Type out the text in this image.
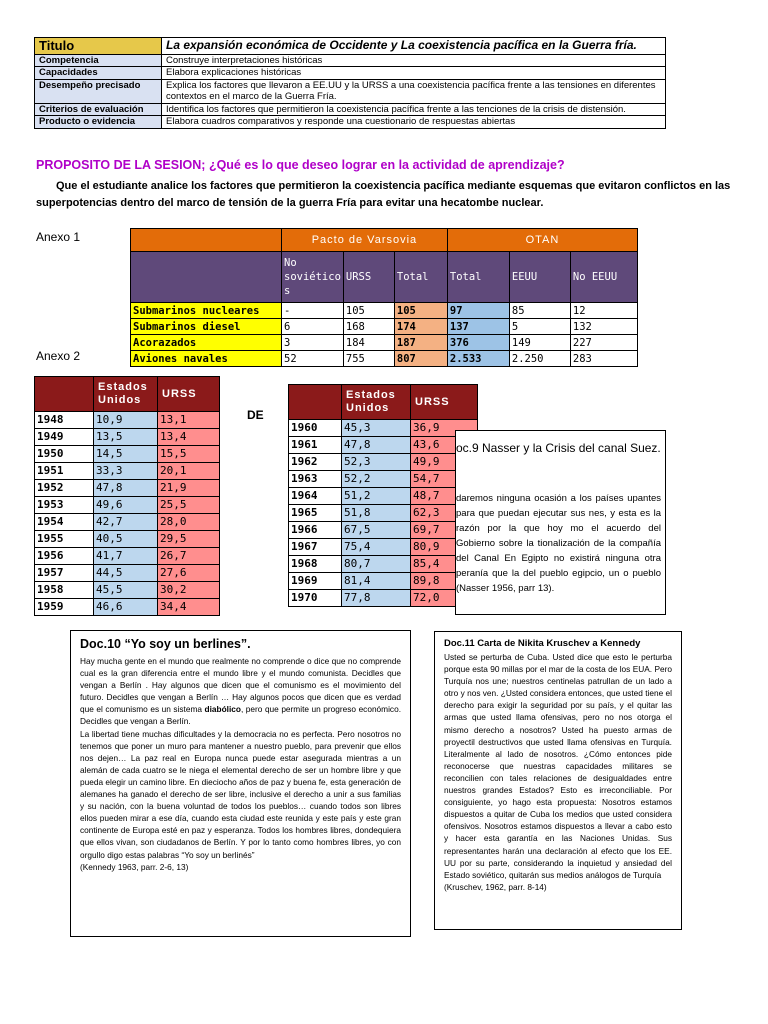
Titulo	La expansión económica de Occidente y La coexistencia pacífica en la Guerra fría.
Competencia	Construye interpretaciones históricas
Capacidades	Elabora explicaciones históricas
Desempeño precisado	Explica los factores que llevaron a EE.UU y la URSS a una coexistencia pacífica frente a las tensiones en diferentes contextos en el marco de la Guerra Fría.
Criterios de evaluación	Identifica los factores que permitieron la coexistencia pacífica frente a las tenciones de la crisis de distensión.
Producto o evidencia	Elabora cuadros comparativos y responde una cuestionario de respuestas abiertas
PROPOSITO DE LA SESION; ¿Qué es lo que deseo lograr en la actividad de aprendizaje?
Que el estudiante analice los factores que permitieron la coexistencia pacífica mediante esquemas que evitaron conflictos en las superpotencias dentro del marco de tensión de la guerra Fría para evitar una hecatombe nuclear.
Anexo 1
Anexo 2
	Pacto de Varsovia			OTAN		
	No soviético s	URSS	Total	Total	EEUU	No EEUU
Submarinos nucleares	-	105	105	97	85	12
Submarinos diesel	6	168	174	137	5	132
Acorazados	3	184	187	376	149	227
Aviones navales	52	755	807	2.533	2.250	283
	Estados Unidos	URSS
1948	10,9	13,1
1949	13,5	13,4
1950	14,5	15,5
1951	33,3	20,1
1952	47,8	21,9
1953	49,6	25,5
1954	42,7	28,0
1955	40,5	29,5
1956	41,7	26,7
1957	44,5	27,6
1958	45,5	30,2
1959	46,6	34,4
DE
	Estados Unidos	URSS
1960	45,3	36,9
1961	47,8	43,6
1962	52,3	49,9
1963	52,2	54,7
1964	51,2	48,7
1965	51,8	62,3
1966	67,5	69,7
1967	75,4	80,9
1968	80,7	85,4
1969	81,4	89,8
1970	77,8	72,0
oc.9 Nasser y la Crisis del canal Suez.
daremos ninguna ocasión a los países upantes para que puedan ejecutar sus nes, y esta es la razón por la que hoy mo el acuerdo del Gobierno sobre la tionalización de la compañía del Canal En Egipto no existirá ninguna otra peranía que la del pueblo egipcio, un o pueblo (Nasser 1956, parr 13).
Doc.10 “Yo soy un berlines”.

Hay mucha gente en el mundo que realmente no comprende o dice que no comprende cual es la gran diferencia entre el mundo libre y el mundo comunista. Decidles que vengan a Berlín . Hay algunos que dicen que el comunismo es el movimiento del futuro. Decidles que vengan a Berlín … Hay algunos pocos que dicen que es verdad que el comunismo es un sistema diabólico, pero que permite un progreso económico. Decidles que vengan a Berlín.

La libertad tiene muchas dificultades y la democracia no es perfecta. Pero nosotros no tenemos que poner un muro para mantener a nuestro pueblo, para prevenir que ellos nos dejen… La paz real en Europa nunca puede estar asegurada mientras a un alemán de cada cuatro se le niega el elemental derecho de ser un hombre libre y que pueda elegir un camino libre. En dieciocho años de paz y buena fe, esta generación de alemanes ha ganado el derecho de ser libre, inclusive el derecho a unir a sus familias y su nación, con la buena voluntad de todos los pueblos… cuando todos son libres ellos pueden mirar a ese día, cuando esta ciudad este reunida y este país y este gran continente de Europa esté en paz y esperanza. Todos los hombres libres, dondequiera que ellos vivan, son ciudadanos de Berlín. Y por lo tanto como hombres libres, yo con orgullo digo estas palabras “Yo soy un berlinés”

(Kennedy 1963, parr. 2-6, 13)

Doc.11 Carta de Nikita Kruschev a Kennedy

Usted se perturba de Cuba. Usted dice que esto le perturba porque esta 90 millas por el mar de la costa de los EUA. Pero Turquía nos une; nuestros centinelas patrullan de un lado a otro y nos ven. ¿Usted considera entonces, que usted tiene el derecho para exigir la seguridad por su país, y el quitar las armas que usted llama ofensivas, pero no nos otorga el mismo derecho a nosotros? Usted ha puesto armas de proyectil destructivos que usted llama ofensivas en Turquía. Literalmente al lado de nosotros. ¿Cómo entonces pide reconocerse que nuestras capacidades militares se reconcilien con tales relaciones de desigualdades entre nuestros grandes Estados? Esto es irreconciliable. Por consiguiente, yo hago esta propuesta: Nosotros estamos dispuestos a quitar de Cuba los medios que usted considera ofensivos. Nosotros estamos dispuestos a llevar a cabo esto y hacer esta garantía en las Naciones Unidas. Sus representantes harán una declaración al efecto que los EE. UU por su parte, considerando la inquietud y ansiedad del Estado soviético, quitarán sus medios análogos de Turquía

(Kruschev, 1962, parr. 8-14)
